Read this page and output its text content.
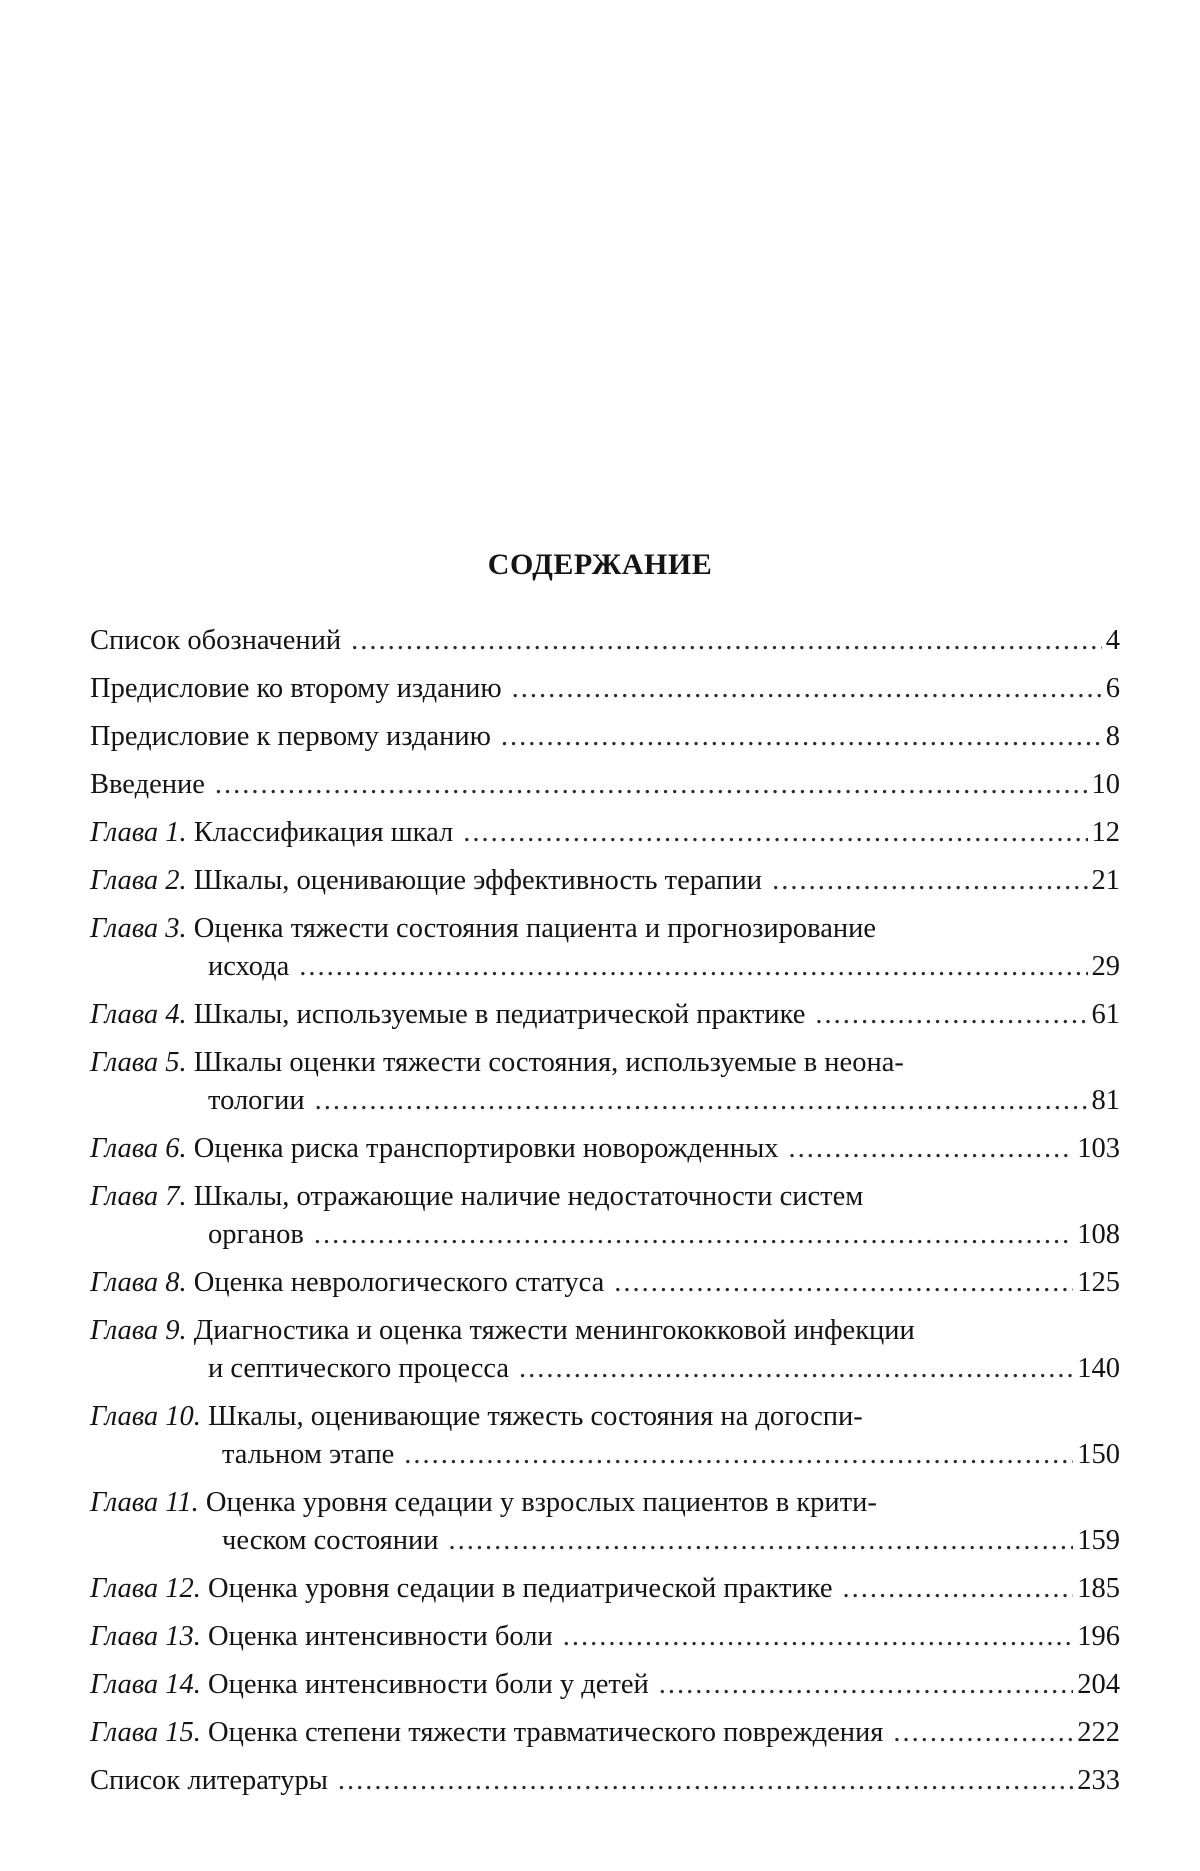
СОДЕРЖАНИЕ
Список обозначений .....	4
Предисловие ко второму изданию .....	6
Предисловие к первому изданию .....	8
Введение .....	10
Глава 1. Классификация шкал .....	12
Глава 2. Шкалы, оценивающие эффективность терапии .....	21
Глава 3. Оценка тяжести состояния пациента и прогнозирование
исхода .....	29
Глава 4. Шкалы, используемые в педиатрической практике .....	61
Глава 5. Шкалы оценки тяжести состояния, используемые в неона-
тологии .....	81
Глава 6. Оценка риска транспортировки новорожденных .....	103
Глава 7. Шкалы, отражающие наличие недостаточности систем
органов .....	108
Глава 8. Оценка неврологического статуса .....	125
Глава 9. Диагностика и оценка тяжести менингококковой инфекции
и септического процесса .....	140
Глава 10. Шкалы, оценивающие тяжесть состояния на догоспи-
тальном этапе .....	150
Глава 11. Оценка уровня седации у взрослых пациентов в крити-
ческом состоянии .....	159
Глава 12. Оценка уровня седации в педиатрической практике .....	185
Глава 13. Оценка интенсивности боли .....	196
Глава 14. Оценка интенсивности боли у детей .....	204
Глава 15. Оценка степени тяжести травматического повреждения .....	222
Список литературы .....	233
